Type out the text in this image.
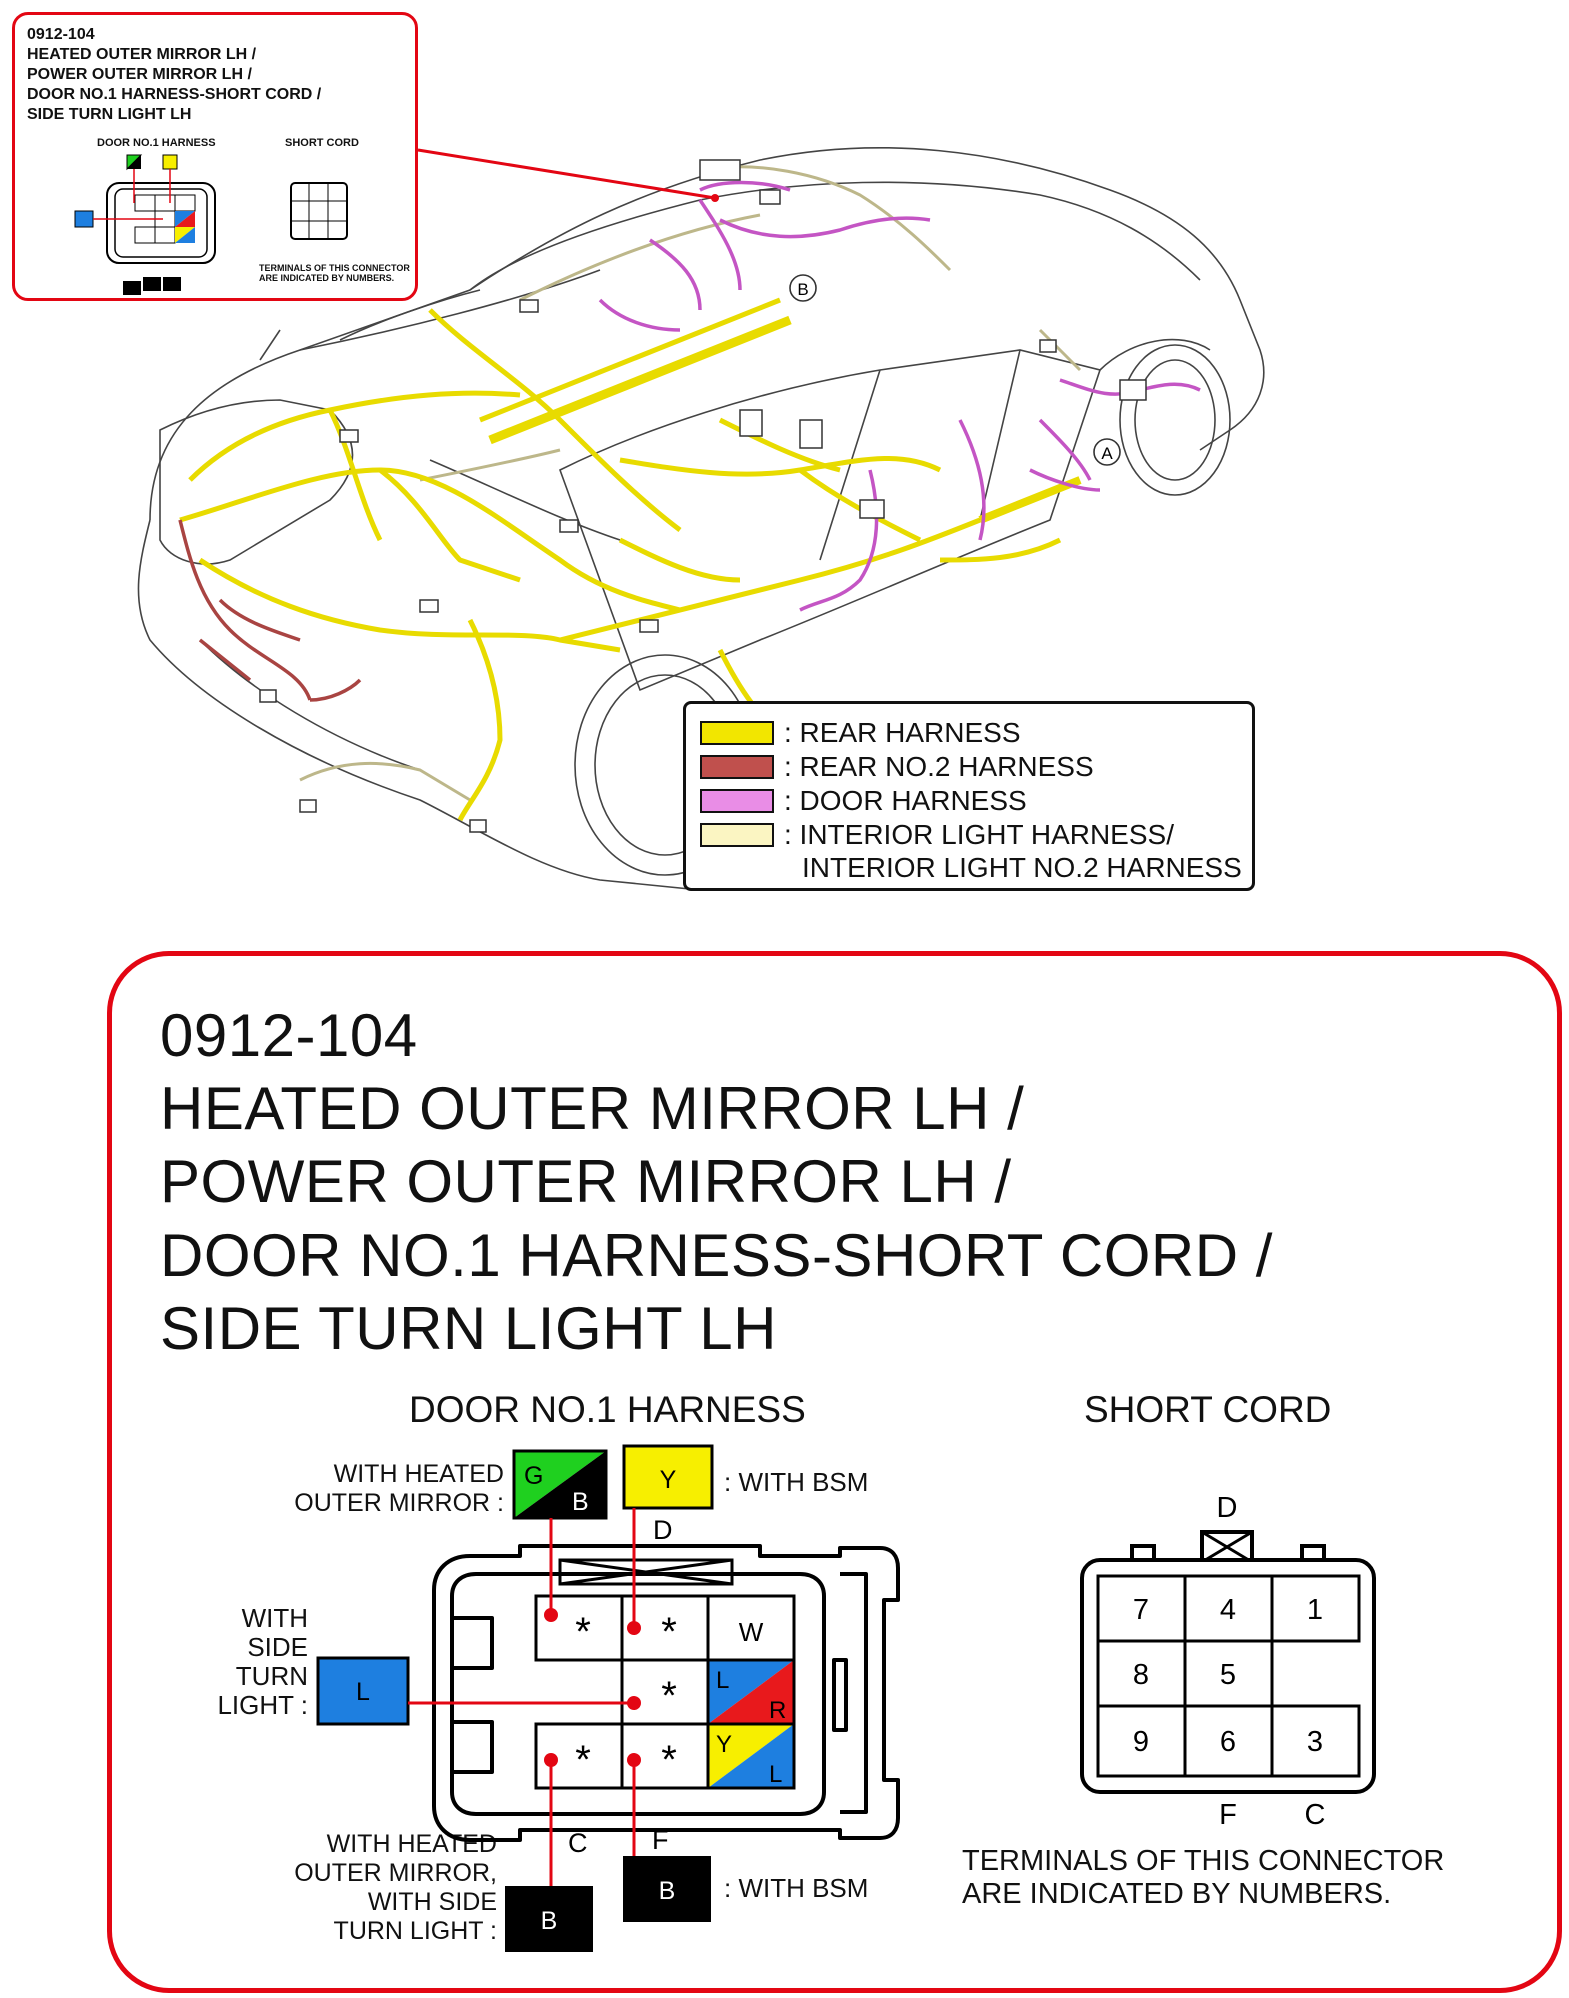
B
A
0912-104
HEATED OUTER MIRROR LH /
POWER OUTER MIRROR LH /
DOOR NO.1 HARNESS-SHORT CORD /
SIDE TURN LIGHT LH
DOOR NO.1 HARNESS	SHORT CORD
TERMINALS OF THIS CONNECTOR
ARE INDICATED BY NUMBERS.
: REAR HARNESS
: REAR NO.2 HARNESS
: DOOR HARNESS
: INTERIOR LIGHT HARNESS/
INTERIOR LIGHT NO.2 HARNESS
0912-104
HEATED OUTER MIRROR LH /
POWER OUTER MIRROR LH /
DOOR NO.1 HARNESS-SHORT CORD /
SIDE TURN LIGHT LH
DOOR NO.1 HARNESS	SHORT CORD
WITH HEATED
OUTER MIRROR :
: WITH BSM
WITH
SIDE
TURN
LIGHT :
WITH HEATED
OUTER MIRROR,
WITH SIDE
TURN LIGHT :
: WITH BSM
G
B
Y
L
B
B
* * W
* L
R
* * Y
L
D
C F
7 4 1
8 5
9 6 3
D
F C
TERMINALS OF THIS CONNECTOR
ARE INDICATED BY NUMBERS.
